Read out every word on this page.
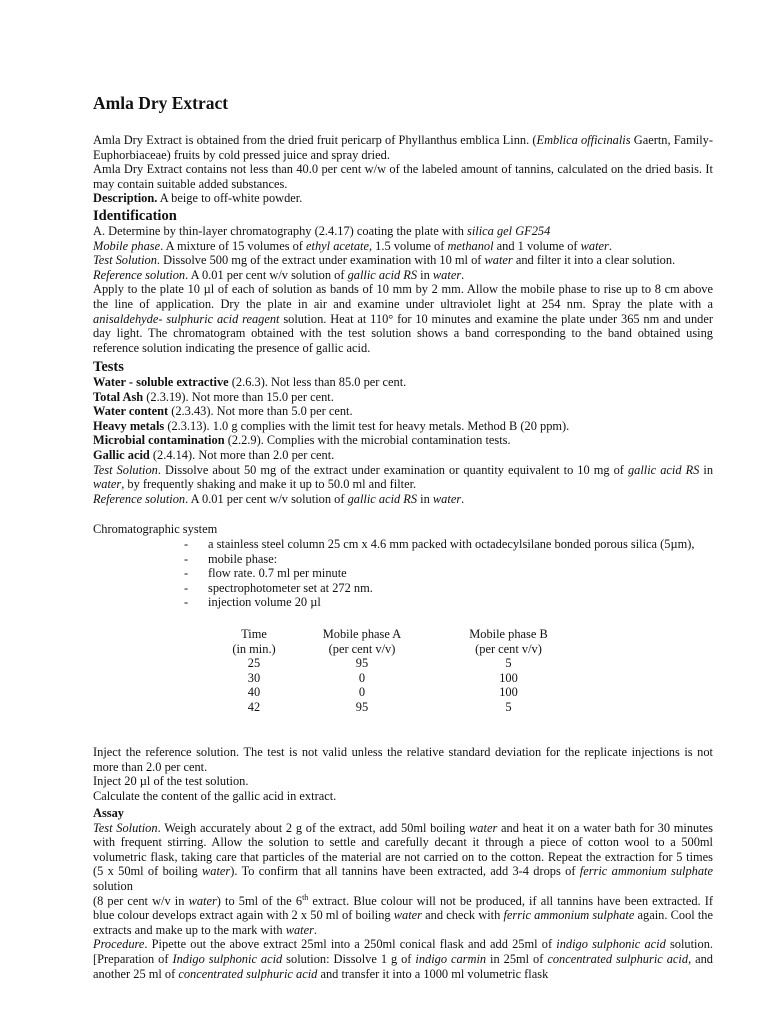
Amla Dry Extract

Amla Dry Extract is obtained from the dried fruit pericarp of Phyllanthus emblica Linn. (Emblica officinalis Gaertn, Family- Euphorbiaceae) fruits by cold pressed juice and spray dried.

Amla Dry Extract contains not less than 40.0 per cent w/w of the labeled amount of tannins, calculated on the dried basis. It may contain suitable added substances.

Description. A beige to off-white powder.

Identification

A. Determine by thin-layer chromatography (2.4.17) coating the plate with silica gel GF254

Mobile phase. A mixture of 15 volumes of ethyl acetate, 1.5 volume of methanol and 1 volume of water.

Test Solution. Dissolve 500 mg of the extract under examination with 10 ml of water and filter it into a clear solution.

Reference solution. A 0.01 per cent w/v solution of gallic acid RS in water.

Apply to the plate 10 µl of each of solution as bands of 10 mm by 2 mm. Allow the mobile phase to rise up to 8 cm above the line of application. Dry the plate in air and examine under ultraviolet light at 254 nm. Spray the plate with a anisaldehyde- sulphuric acid reagent solution. Heat at 110° for 10 minutes and examine the plate under 365 nm and under day light. The chromatogram obtained with the test solution shows a band corresponding to the band obtained using reference solution indicating the presence of gallic acid.

Tests

Water - soluble extractive (2.6.3). Not less than 85.0 per cent.

Total Ash (2.3.19). Not more than 15.0 per cent.

Water content (2.3.43). Not more than 5.0 per cent.

Heavy metals (2.3.13). 1.0 g complies with the limit test for heavy metals. Method B (20 ppm).

Microbial contamination (2.2.9). Complies with the microbial contamination tests.

Gallic acid (2.4.14). Not more than 2.0 per cent.

Test Solution. Dissolve about 50 mg of the extract under examination or quantity equivalent to 10 mg of gallic acid RS in water, by frequently shaking and make it up to 50.0 ml and filter.

Reference solution. A 0.01 per cent w/v solution of gallic acid RS in water.

Chromatographic system

- a stainless steel column 25 cm x 4.6 mm packed with octadecylsilane bonded porous silica (5µm),
- mobile phase:
- flow rate. 0.7 ml per minute
- spectrophotometer set at 272 nm.
- injection volume 20 µl
Time	Mobile phase A	Mobile phase B
(in min.)	(per cent v/v)	(per cent v/v)
25	95	5
30	0	100
40	0	100
42	95	5

Inject the reference solution. The test is not valid unless the relative standard deviation for the replicate injections is not more than 2.0 per cent.

Inject 20 µl of the test solution.

Calculate the content of the gallic acid in extract.

Assay

Test Solution. Weigh accurately about 2 g of the extract, add 50ml boiling water and heat it on a water bath for 30 minutes with frequent stirring. Allow the solution to settle and carefully decant it through a piece of cotton wool to a 500ml volumetric flask, taking care that particles of the material are not carried on to the cotton. Repeat the extraction for 5 times (5 x 50ml of boiling water). To confirm that all tannins have been extracted, add 3-4 drops of ferric ammonium sulphate solution

(8 per cent w/v in water) to 5ml of the 6th extract. Blue colour will not be produced, if all tannins have been extracted. If blue colour develops extract again with 2 x 50 ml of boiling water and check with ferric ammonium sulphate again. Cool the extracts and make up to the mark with water.

Procedure. Pipette out the above extract 25ml into a 250ml conical flask and add 25ml of indigo sulphonic acid solution. [Preparation of Indigo sulphonic acid solution: Dissolve 1 g of indigo carmin in 25ml of concentrated sulphuric acid, and another 25 ml of concentrated sulphuric acid and transfer it into a 1000 ml volumetric flask
